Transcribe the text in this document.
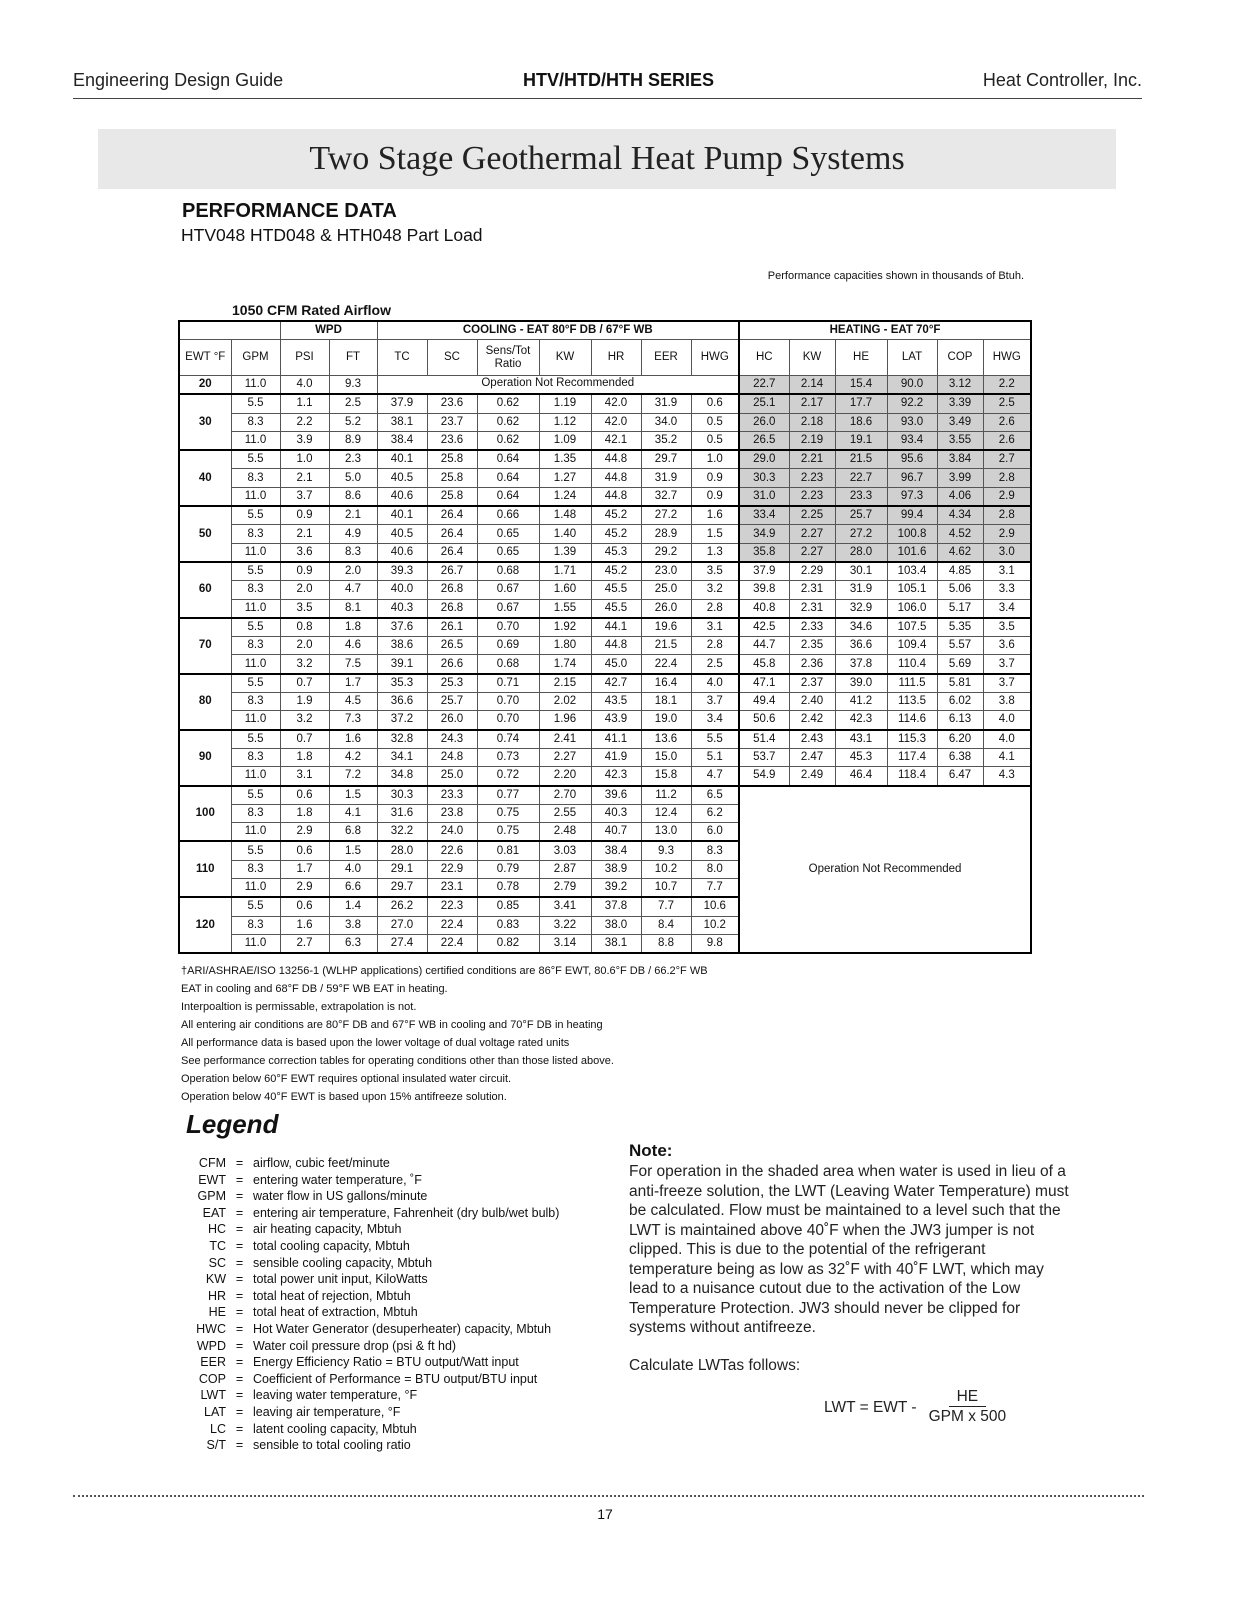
Engineering Design Guide	HTV/HTD/HTH SERIES	Heat Controller, Inc.
Two Stage Geothermal Heat Pump Systems
PERFORMANCE DATA
HTV048 HTD048 & HTH048 Part Load
Performance capacities shown in thousands of Btuh.
1050 CFM Rated Airflow
		WPD		COOLING - EAT 80°F DB / 67°F WB							HEATING - EAT 70°F					
EWT °F	GPM	PSI	FT	TC	SC	Sens/Tot Ratio	KW	HR	EER	HWG	HC	KW	HE	LAT	COP	HWG
20	11.0	4.0	9.3	Operation Not Recommended							22.7	2.14	15.4	90.0	3.12	2.2
30	5.5	1.1	2.5	37.9	23.6	0.62	1.19	42.0	31.9	0.6	25.1	2.17	17.7	92.2	3.39	2.5
	8.3	2.2	5.2	38.1	23.7	0.62	1.12	42.0	34.0	0.5	26.0	2.18	18.6	93.0	3.49	2.6
	11.0	3.9	8.9	38.4	23.6	0.62	1.09	42.1	35.2	0.5	26.5	2.19	19.1	93.4	3.55	2.6
40	5.5	1.0	2.3	40.1	25.8	0.64	1.35	44.8	29.7	1.0	29.0	2.21	21.5	95.6	3.84	2.7
	8.3	2.1	5.0	40.5	25.8	0.64	1.27	44.8	31.9	0.9	30.3	2.23	22.7	96.7	3.99	2.8
	11.0	3.7	8.6	40.6	25.8	0.64	1.24	44.8	32.7	0.9	31.0	2.23	23.3	97.3	4.06	2.9
50	5.5	0.9	2.1	40.1	26.4	0.66	1.48	45.2	27.2	1.6	33.4	2.25	25.7	99.4	4.34	2.8
	8.3	2.1	4.9	40.5	26.4	0.65	1.40	45.2	28.9	1.5	34.9	2.27	27.2	100.8	4.52	2.9
	11.0	3.6	8.3	40.6	26.4	0.65	1.39	45.3	29.2	1.3	35.8	2.27	28.0	101.6	4.62	3.0
60	5.5	0.9	2.0	39.3	26.7	0.68	1.71	45.2	23.0	3.5	37.9	2.29	30.1	103.4	4.85	3.1
	8.3	2.0	4.7	40.0	26.8	0.67	1.60	45.5	25.0	3.2	39.8	2.31	31.9	105.1	5.06	3.3
	11.0	3.5	8.1	40.3	26.8	0.67	1.55	45.5	26.0	2.8	40.8	2.31	32.9	106.0	5.17	3.4
70	5.5	0.8	1.8	37.6	26.1	0.70	1.92	44.1	19.6	3.1	42.5	2.33	34.6	107.5	5.35	3.5
	8.3	2.0	4.6	38.6	26.5	0.69	1.80	44.8	21.5	2.8	44.7	2.35	36.6	109.4	5.57	3.6
	11.0	3.2	7.5	39.1	26.6	0.68	1.74	45.0	22.4	2.5	45.8	2.36	37.8	110.4	5.69	3.7
80	5.5	0.7	1.7	35.3	25.3	0.71	2.15	42.7	16.4	4.0	47.1	2.37	39.0	111.5	5.81	3.7
	8.3	1.9	4.5	36.6	25.7	0.70	2.02	43.5	18.1	3.7	49.4	2.40	41.2	113.5	6.02	3.8
	11.0	3.2	7.3	37.2	26.0	0.70	1.96	43.9	19.0	3.4	50.6	2.42	42.3	114.6	6.13	4.0
90	5.5	0.7	1.6	32.8	24.3	0.74	2.41	41.1	13.6	5.5	51.4	2.43	43.1	115.3	6.20	4.0
	8.3	1.8	4.2	34.1	24.8	0.73	2.27	41.9	15.0	5.1	53.7	2.47	45.3	117.4	6.38	4.1
	11.0	3.1	7.2	34.8	25.0	0.72	2.20	42.3	15.8	4.7	54.9	2.49	46.4	118.4	6.47	4.3
100	5.5	0.6	1.5	30.3	23.3	0.77	2.70	39.6	11.2	6.5	Operation Not Recommended					
	8.3	1.8	4.1	31.6	23.8	0.75	2.55	40.3	12.4	6.2						
	11.0	2.9	6.8	32.2	24.0	0.75	2.48	40.7	13.0	6.0						
110	5.5	0.6	1.5	28.0	22.6	0.81	3.03	38.4	9.3	8.3						
	8.3	1.7	4.0	29.1	22.9	0.79	2.87	38.9	10.2	8.0						
	11.0	2.9	6.6	29.7	23.1	0.78	2.79	39.2	10.7	7.7						
120	5.5	0.6	1.4	26.2	22.3	0.85	3.41	37.8	7.7	10.6						
	8.3	1.6	3.8	27.0	22.4	0.83	3.22	38.0	8.4	10.2						
	11.0	2.7	6.3	27.4	22.4	0.82	3.14	38.1	8.8	9.8						
†ARI/ASHRAE/ISO 13256-1 (WLHP applications) certified conditions are 86°F EWT, 80.6°F DB / 66.2°F WB
EAT in cooling and 68°F DB / 59°F WB EAT in heating.
Interpoaltion is permissable, extrapolation is not.
All entering air conditions are 80°F DB and 67°F WB in cooling and 70°F DB in heating
All performance data is based upon the lower voltage of dual voltage rated units
See performance correction tables for operating conditions other than those listed above.
Operation below 60°F EWT requires optional insulated water circuit.
Operation below 40°F EWT is based upon 15% antifreeze solution.
Legend
CFM = airflow, cubic feet/minute
EWT = entering water temperature, ˚F
GPM = water flow in US gallons/minute
EAT = entering air temperature, Fahrenheit (dry bulb/wet bulb)
HC = air heating capacity, Mbtuh
TC = total cooling capacity, Mbtuh
SC = sensible cooling capacity, Mbtuh
KW = total power unit input, KiloWatts
HR = total heat of rejection, Mbtuh
HE = total heat of extraction, Mbtuh
HWC = Hot Water Generator (desuperheater) capacity, Mbtuh
WPD = Water coil pressure drop (psi & ft hd)
EER = Energy Efficiency Ratio = BTU output/Watt input
COP = Coefficient of Performance = BTU output/BTU input
LWT = leaving water temperature, °F
LAT = leaving air temperature, °F
LC = latent cooling capacity, Mbtuh
S/T = sensible to total cooling ratio
Note:
For operation in the shaded area when water is used in lieu of a anti-freeze solution, the LWT (Leaving Water Temperature) must be calculated. Flow must be maintained to a level such that the LWT is maintained above 40˚F when the JW3 jumper is not clipped. This is due to the potential of the refrigerant temperature being as low as 32˚F with 40˚F LWT, which may lead to a nuisance cutout due to the activation of the Low Temperature Protection. JW3 should never be clipped for systems without antifreeze.
Calculate LWTas follows:
LWT = EWT - $\frac{HE}{\text{GPM x 500}}$
17
